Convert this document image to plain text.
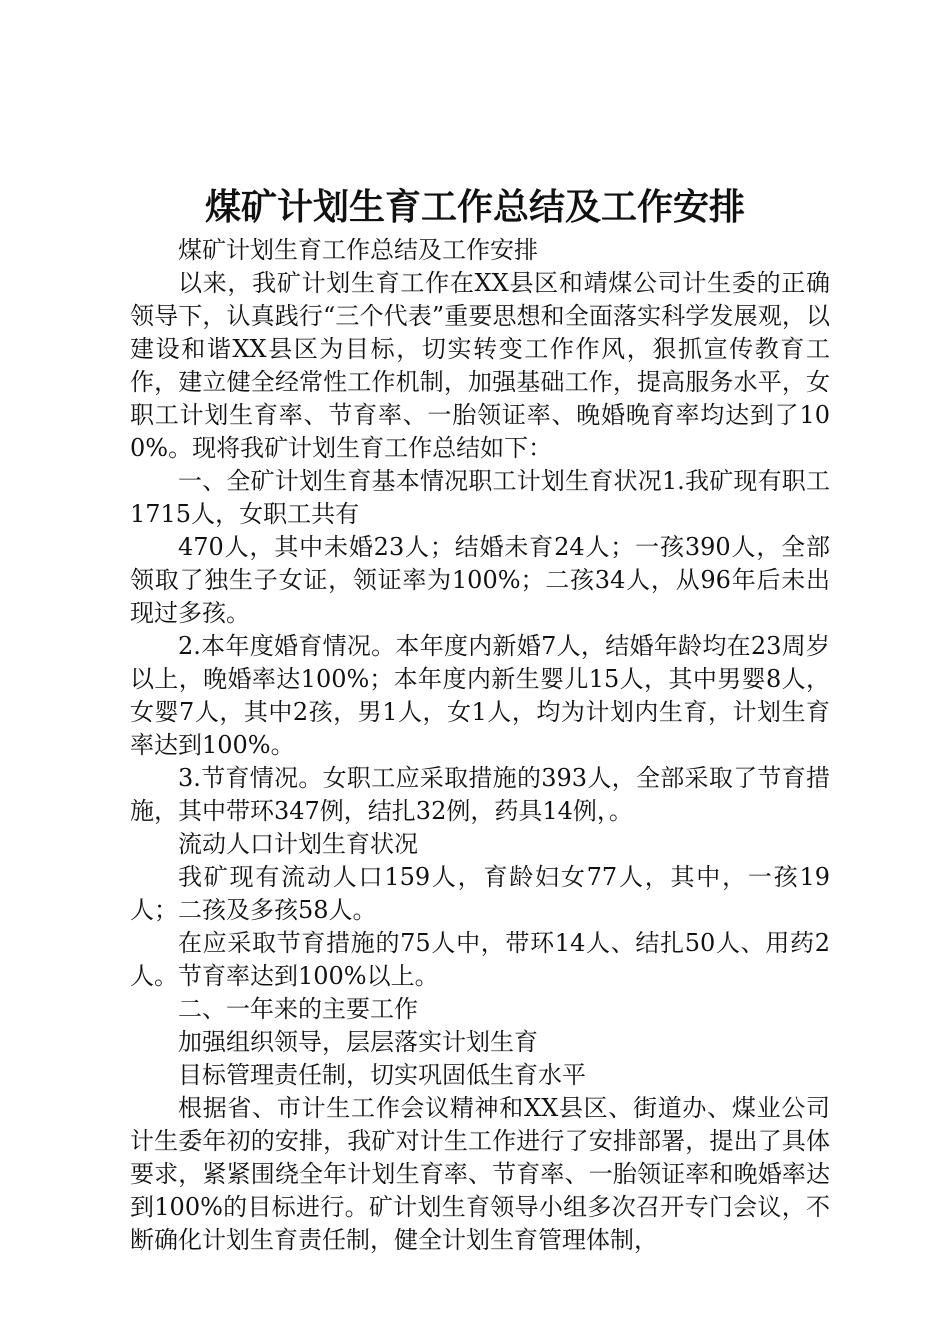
煤矿计划生育工作总结及工作安排

煤矿计划生育工作总结及工作安排

以来，我矿计划生育工作在XX县区和靖煤公司计生委的正确领导下，认真践行“三个代表”重要思想和全面落实科学发展观，以建设和谐XX县区为目标，切实转变工作作风，狠抓宣传教育工作，建立健全经常性工作机制，加强基础工作，提高服务水平，女职工计划生育率、节育率、一胎领证率、晚婚晚育率均达到了100%。现将我矿计划生育工作总结如下：

一、全矿计划生育基本情况职工计划生育状况1.我矿现有职工1715人，女职工共有

470人，其中未婚23人；结婚未育24人；一孩390人，全部领取了独生子女证，领证率为100%；二孩34人，从96年后未出现过多孩。

2.本年度婚育情况。本年度内新婚7人，结婚年龄均在23周岁以上，晚婚率达100%；本年度内新生婴儿15人，其中男婴8人，女婴7人，其中2孩，男1人，女1人，均为计划内生育，计划生育率达到100%。

3.节育情况。女职工应采取措施的393人，全部采取了节育措施，其中带环347例，结扎32例，药具14例，。

流动人口计划生育状况

我矿现有流动人口159人，育龄妇女77人，其中，一孩19人；二孩及多孩58人。

在应采取节育措施的75人中，带环14人、结扎50人、用药2人。节育率达到100%以上。

二、一年来的主要工作

加强组织领导，层层落实计划生育

目标管理责任制，切实巩固低生育水平

根据省、市计生工作会议精神和XX县区、街道办、煤业公司计生委年初的安排，我矿对计生工作进行了安排部署，提出了具体要求，紧紧围绕全年计划生育率、节育率、一胎领证率和晚婚率达到100%的目标进行。矿计划生育领导小组多次召开专门会议，不断确化计划生育责任制，健全计划生育管理体制，
